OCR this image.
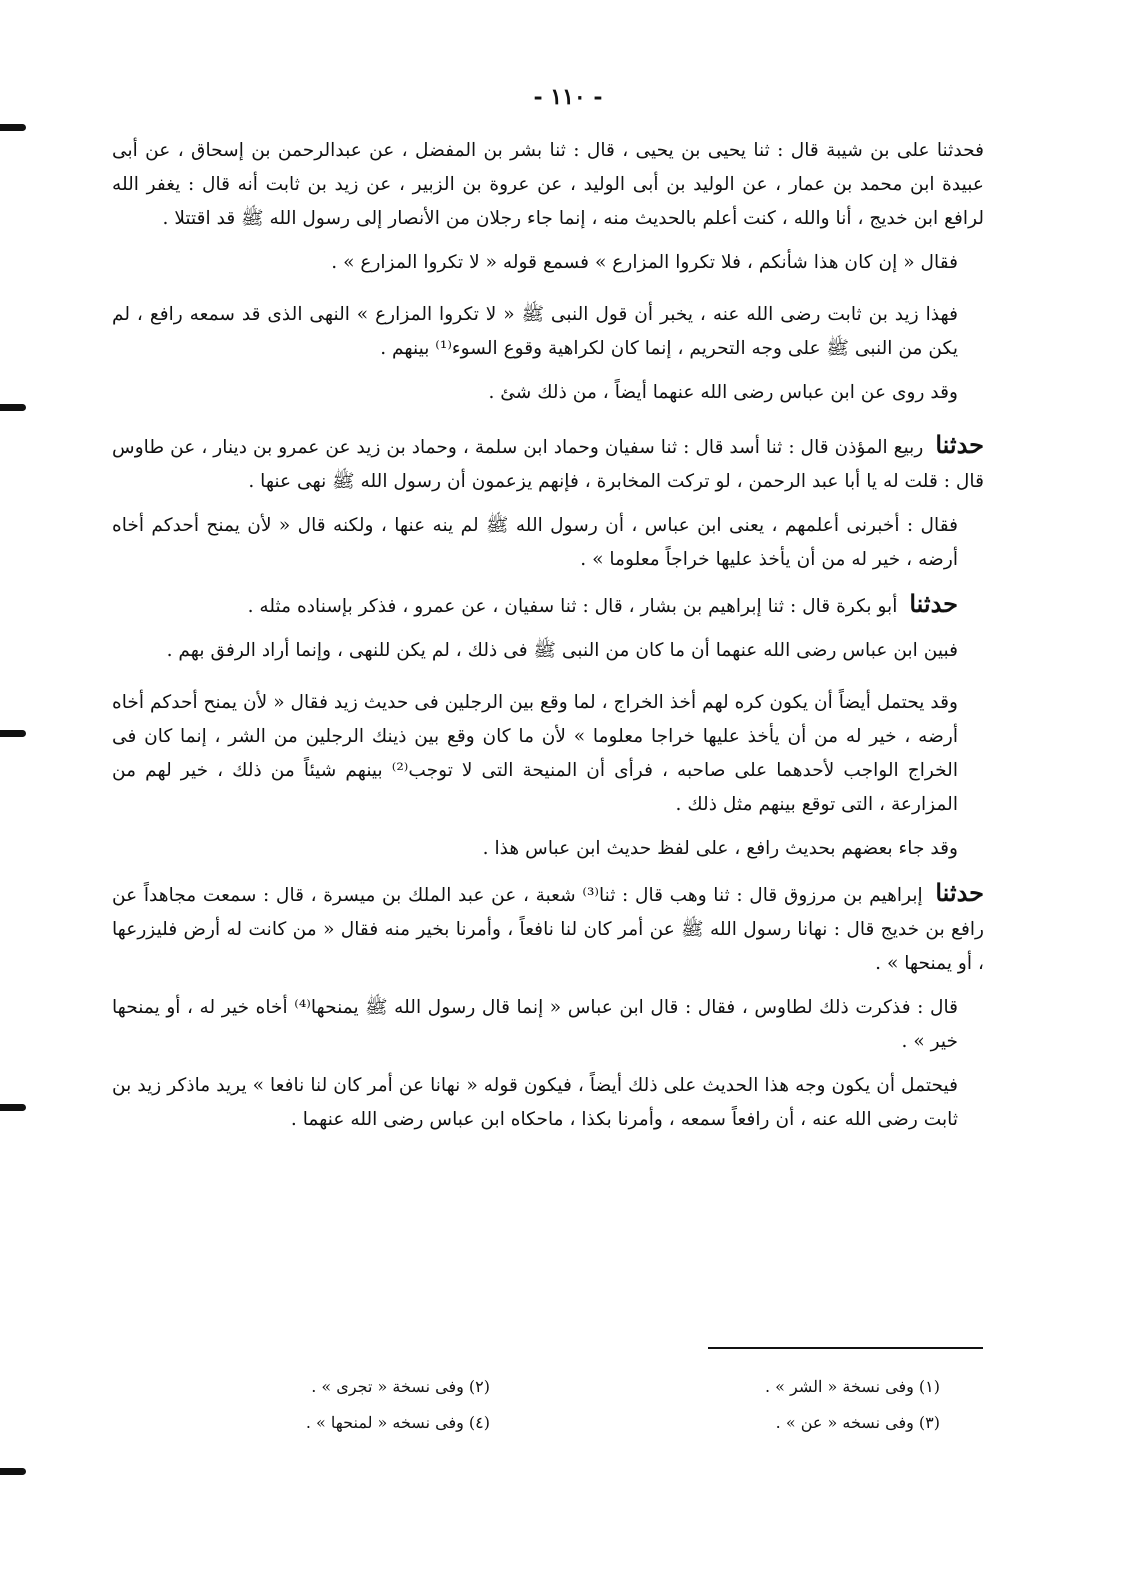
- ١١٠ -

فحدثنا على بن شيبة قال : ثنا يحيى بن يحيى ، قال : ثنا بشر بن المفضل ، عن عبدالرحمن بن إسحاق ، عن أبى عبيدة ابن محمد بن عمار ، عن الوليد بن أبى الوليد ، عن عروة بن الزبير ، عن زيد بن ثابت أنه قال : يغفر الله لرافع ابن خديج ، أنا والله ، كنت أعلم بالحديث منه ، إنما جاء رجلان من الأنصار إلى رسول الله ﷺ قد اقتتلا .

فقال « إن كان هذا شأنكم ، فلا تكروا المزارع » فسمع قوله « لا تكروا المزارع » .

فهذا زيد بن ثابت رضى الله عنه ، يخبر أن قول النبى ﷺ « لا تكروا المزارع » النهى الذى قد سمعه رافع ، لم يكن من النبى ﷺ على وجه التحريم ، إنما كان لكراهية وقوع السوء⁽¹⁾ بينهم .

وقد روى عن ابن عباس رضى الله عنهما أيضاً ، من ذلك شئ .

حدثنا ربيع المؤذن قال : ثنا أسد قال : ثنا سفيان وحماد ابن سلمة ، وحماد بن زيد عن عمرو بن دينار ، عن طاوس قال : قلت له يا أبا عبد الرحمن ، لو تركت المخابرة ، فإنهم يزعمون أن رسول الله ﷺ نهى عنها .

فقال : أخبرنى أعلمهم ، يعنى ابن عباس ، أن رسول الله ﷺ لم ينه عنها ، ولكنه قال « لأن يمنح أحدكم أخاه أرضه ، خير له من أن يأخذ عليها خراجاً معلوما » .

حدثنا أبو بكرة قال : ثنا إبراهيم بن بشار ، قال : ثنا سفيان ، عن عمرو ، فذكر بإسناده مثله .

فبين ابن عباس رضى الله عنهما أن ما كان من النبى ﷺ فى ذلك ، لم يكن للنهى ، وإنما أراد الرفق بهم .

وقد يحتمل أيضاً أن يكون كره لهم أخذ الخراج ، لما وقع بين الرجلين فى حديث زيد فقال « لأن يمنح أحدكم أخاه أرضه ، خير له من أن يأخذ عليها خراجا معلوما » لأن ما كان وقع بين ذينك الرجلين من الشر ، إنما كان فى الخراج الواجب لأحدهما على صاحبه ، فرأى أن المنيحة التى لا توجب⁽²⁾ بينهم شيئاً من ذلك ، خير لهم من المزارعة ، التى توقع بينهم مثل ذلك .

وقد جاء بعضهم بحديث رافع ، على لفظ حديث ابن عباس هذا .

حدثنا إبراهيم بن مرزوق قال : ثنا وهب قال : ثنا⁽³⁾ شعبة ، عن عبد الملك بن ميسرة ، قال : سمعت مجاهداً عن رافع بن خديج قال : نهانا رسول الله ﷺ عن أمر كان لنا نافعاً ، وأمرنا بخير منه فقال « من كانت له أرض فليزرعها ، أو يمنحها » .

قال : فذكرت ذلك لطاوس ، فقال : قال ابن عباس « إنما قال رسول الله ﷺ يمنحها⁽⁴⁾ أخاه خير له ، أو يمنحها خير » .

فيحتمل أن يكون وجه هذا الحديث على ذلك أيضاً ، فيكون قوله « نهانا عن أمر كان لنا نافعا » يريد ماذكر زيد بن ثابت رضى الله عنه ، أن رافعاً سمعه ، وأمرنا بكذا ، ماحكاه ابن عباس رضى الله عنهما .

(١) وفى نسخة « الشر » .
(٢) وفى نسخة « تجرى » .
(٣) وفى نسخه « عن » .
(٤) وفى نسخه « لمنحها » .
